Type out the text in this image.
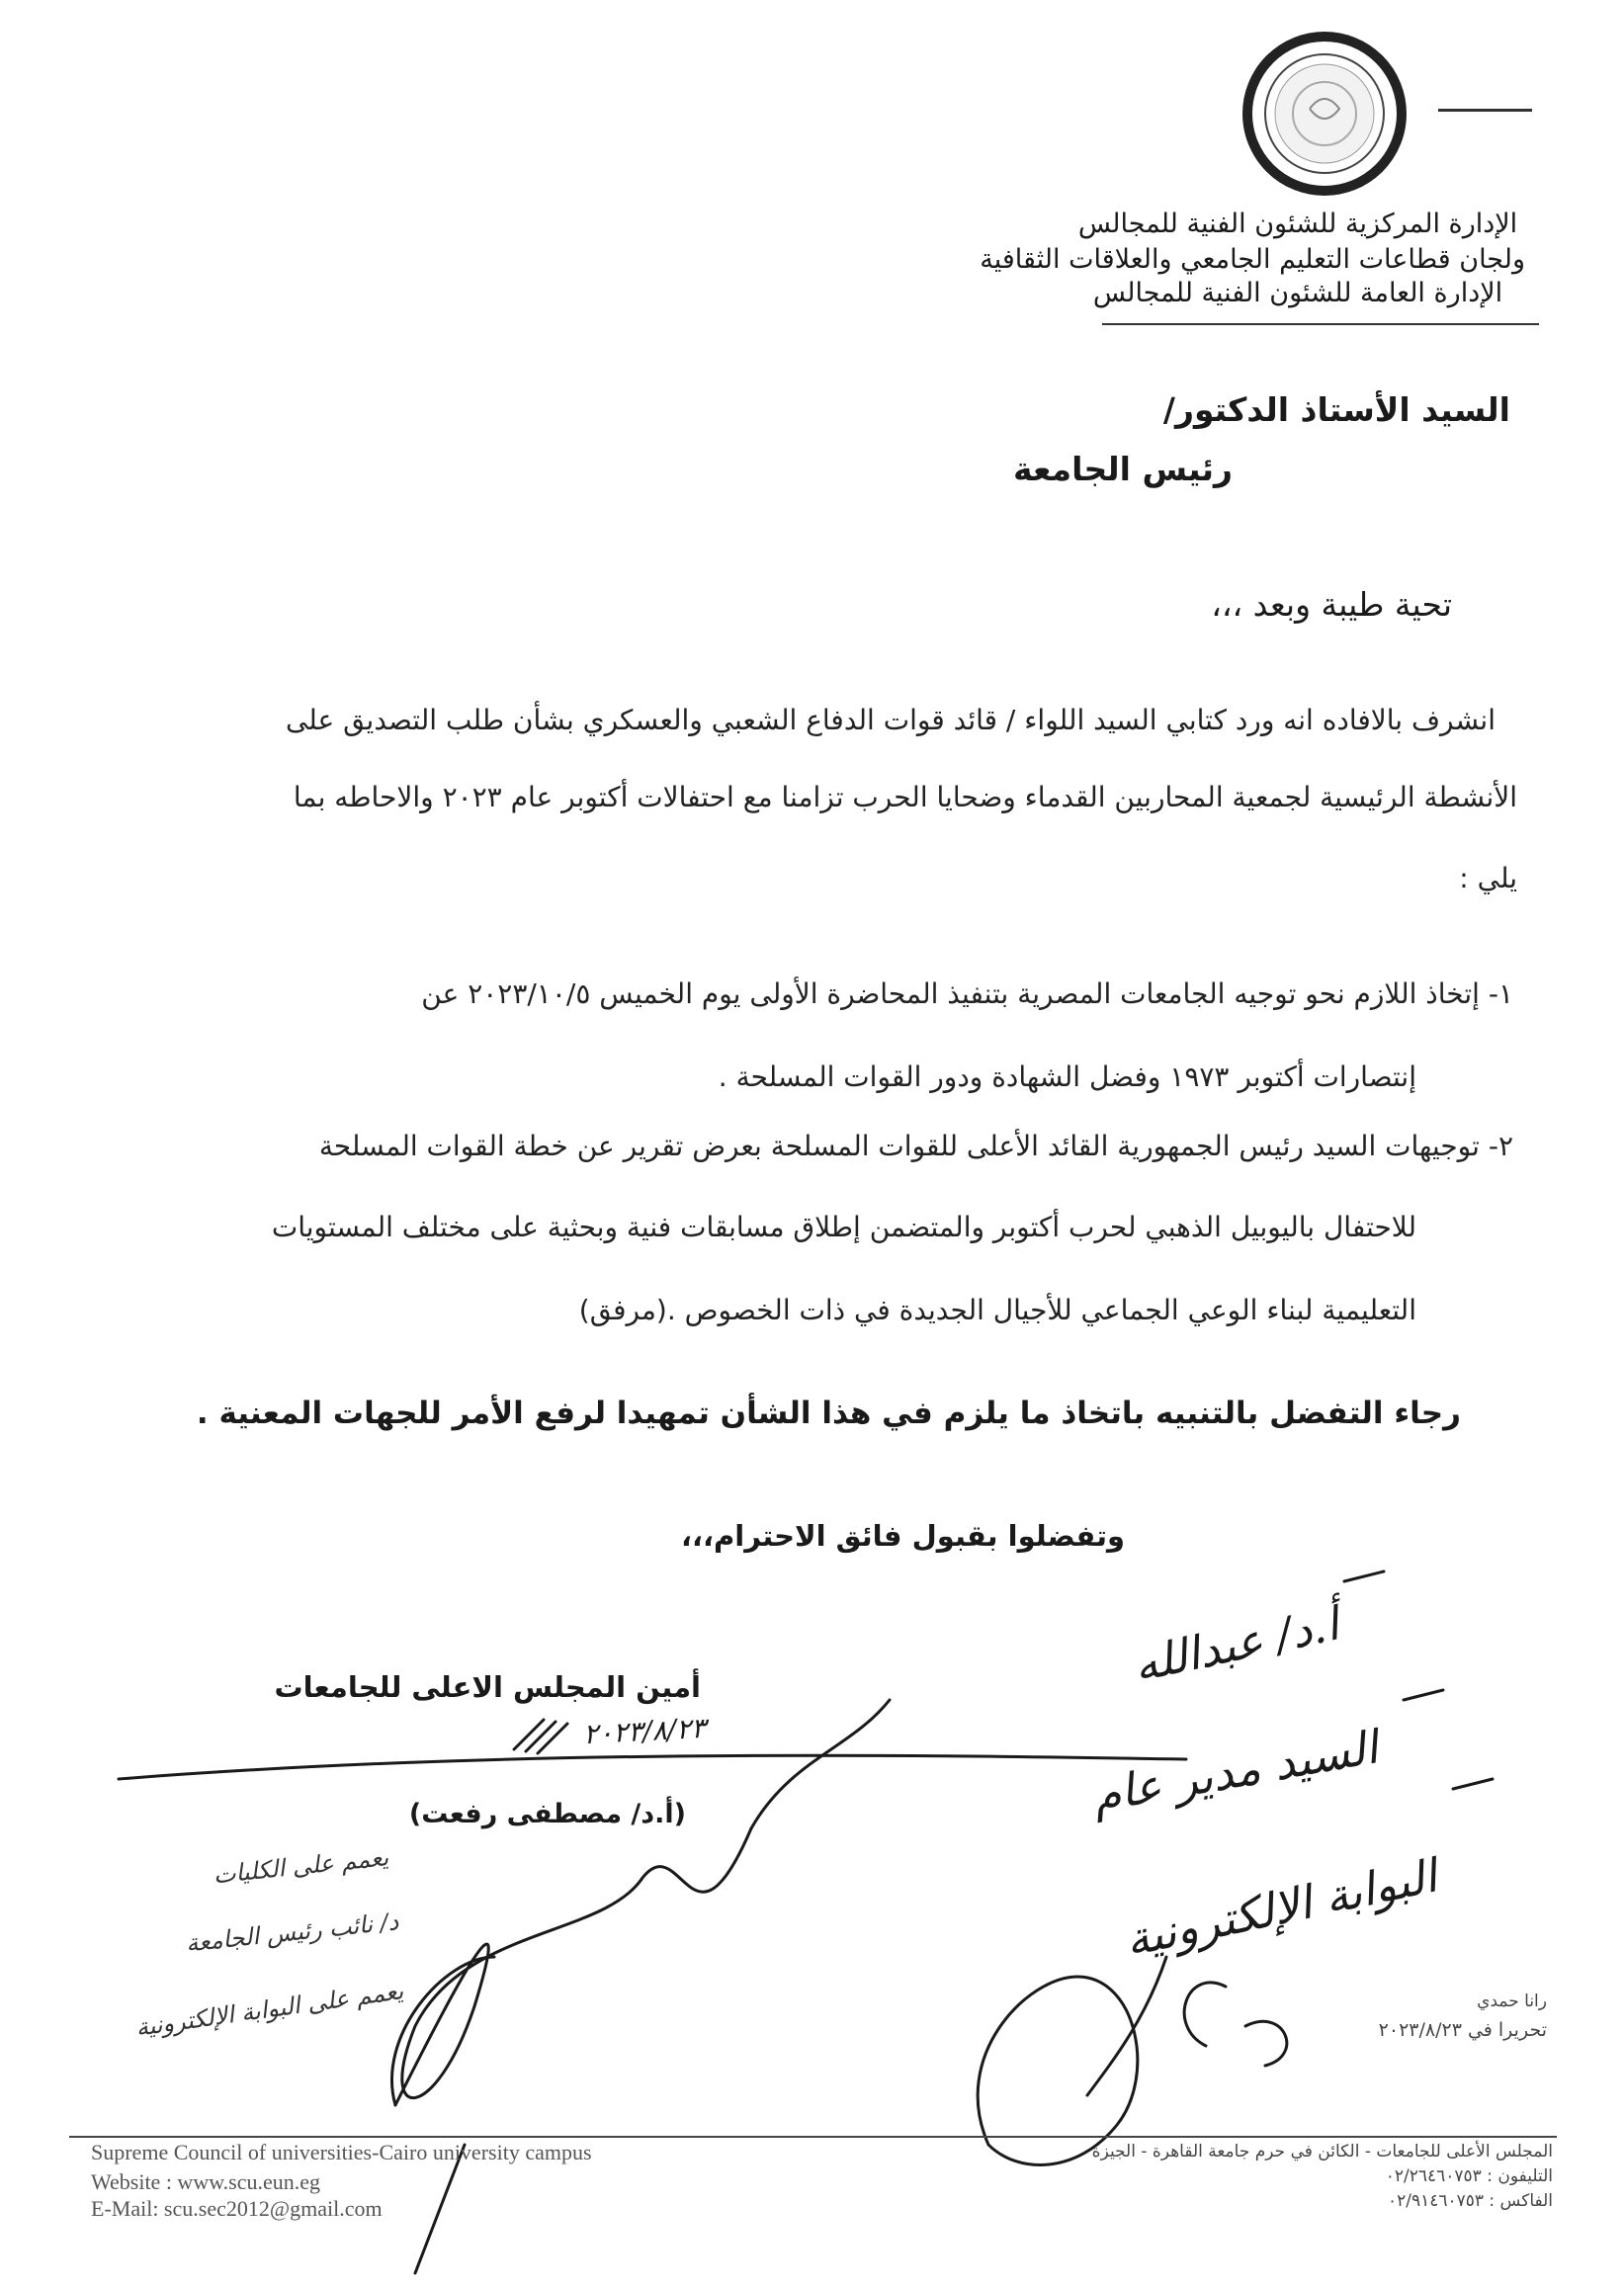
الإدارة المركزية للشئون الفنية للمجالس
ولجان قطاعات التعليم الجامعي والعلاقات الثقافية
الإدارة العامة للشئون الفنية للمجالس
السيد الأستاذ الدكتور/
رئيس الجامعة
تحية طيبة وبعد ،،،
انشرف بالافاده انه ورد كتابي السيد اللواء / قائد قوات الدفاع الشعبي والعسكري بشأن طلب التصديق على
الأنشطة الرئيسية لجمعية المحاربين القدماء وضحايا الحرب تزامنا مع احتفالات أكتوبر عام ٢٠٢٣ والاحاطه بما
يلي :
١- إتخاذ اللازم نحو توجيه الجامعات المصرية بتنفيذ المحاضرة الأولى يوم الخميس ٢٠٢٣/١٠/٥ عن
إنتصارات أكتوبر ١٩٧٣ وفضل الشهادة ودور القوات المسلحة .
٢- توجيهات السيد رئيس الجمهورية القائد الأعلى للقوات المسلحة بعرض تقرير عن خطة القوات المسلحة
للاحتفال باليوبيل الذهبي لحرب أكتوبر والمتضمن إطلاق مسابقات فنية وبحثية على مختلف المستويات
التعليمية لبناء الوعي الجماعي للأجيال الجديدة في ذات الخصوص .(مرفق)
رجاء التفضل بالتنبيه باتخاذ ما يلزم في هذا الشأن تمهيدا لرفع الأمر للجهات المعنية .
وتفضلوا بقبول فائق الاحترام،،،
أمين المجلس الاعلى للجامعات
(أ.د/ مصطفى رفعت)
٢٠٢٣/٨/٢٣
أ.د/ عبدالله
السيد مدير عام
البوابة الإلكترونية
يعمم على الكليات
د/ نائب رئيس الجامعة
يعمم على البوابة الإلكترونية	رانا حمدي
تحريرا في ٢٠٢٣/٨/٢٣
Supreme Council of universities-Cairo university campus
Website : www.scu.eun.eg
E-Mail: scu.sec2012@gmail.com
المجلس الأعلى للجامعات - الكائن في حرم جامعة القاهرة - الجيزة
التليفون : ٠٢/٢٦٤٦٠٧٥٣
الفاكس : ٠٢/٩١٤٦٠٧٥٣
